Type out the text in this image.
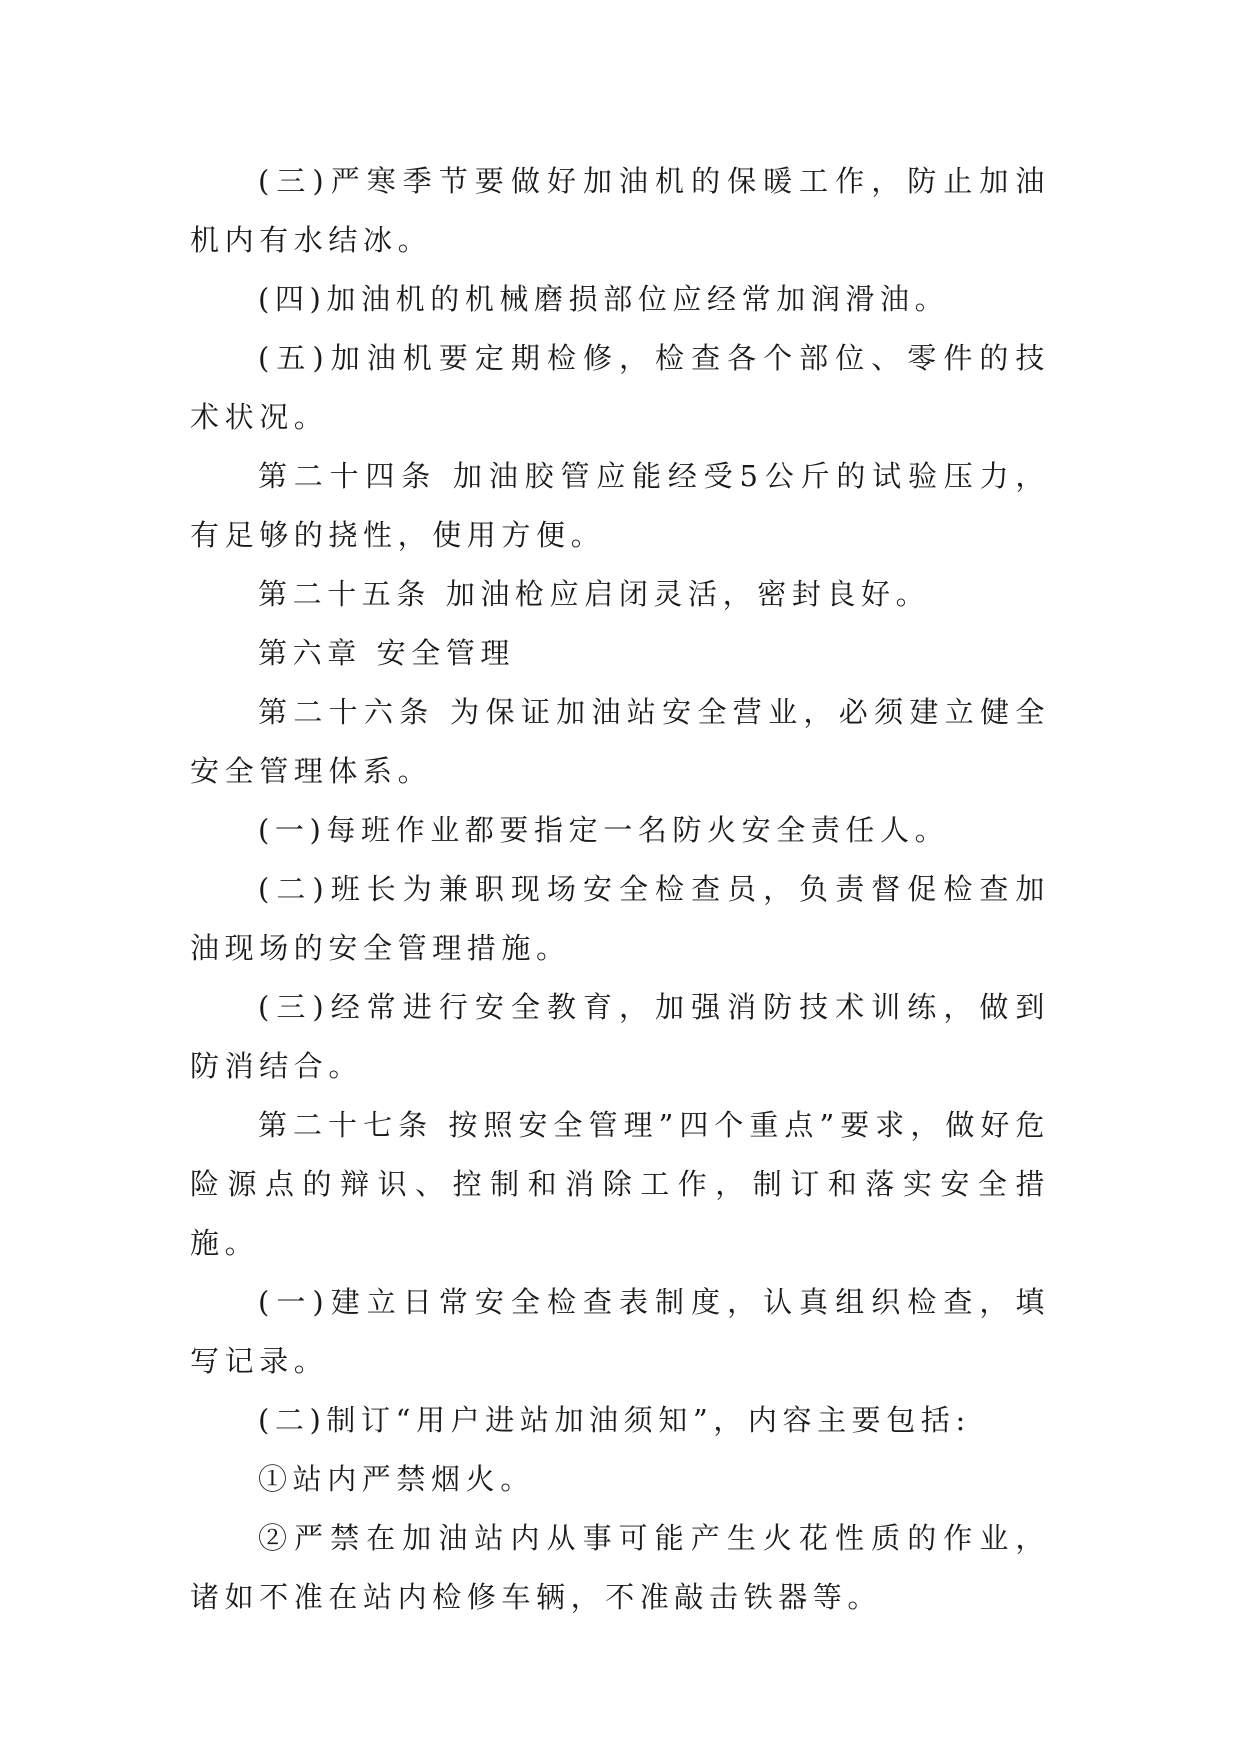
(三)严寒季节要做好加油机的保暖工作，防止加油机内有水结冰。

(四)加油机的机械磨损部位应经常加润滑油。

(五)加油机要定期检修，检查各个部位、零件的技术状况。

第二十四条 加油胶管应能经受5公斤的试验压力，有足够的挠性，使用方便。

第二十五条 加油枪应启闭灵活，密封良好。

第六章 安全管理

第二十六条 为保证加油站安全营业，必须建立健全安全管理体系。

(一)每班作业都要指定一名防火安全责任人。

(二)班长为兼职现场安全检查员，负责督促检查加油现场的安全管理措施。

(三)经常进行安全教育，加强消防技术训练，做到防消结合。

第二十七条 按照安全管理”四个重点”要求，做好危险源点的辩识、控制和消除工作，制订和落实安全措施。

(一)建立日常安全检查表制度，认真组织检查，填写记录。

(二)制订“用户进站加油须知”，内容主要包括:

①站内严禁烟火。

②严禁在加油站内从事可能产生火花性质的作业，诸如不准在站内检修车辆，不准敲击铁器等。
